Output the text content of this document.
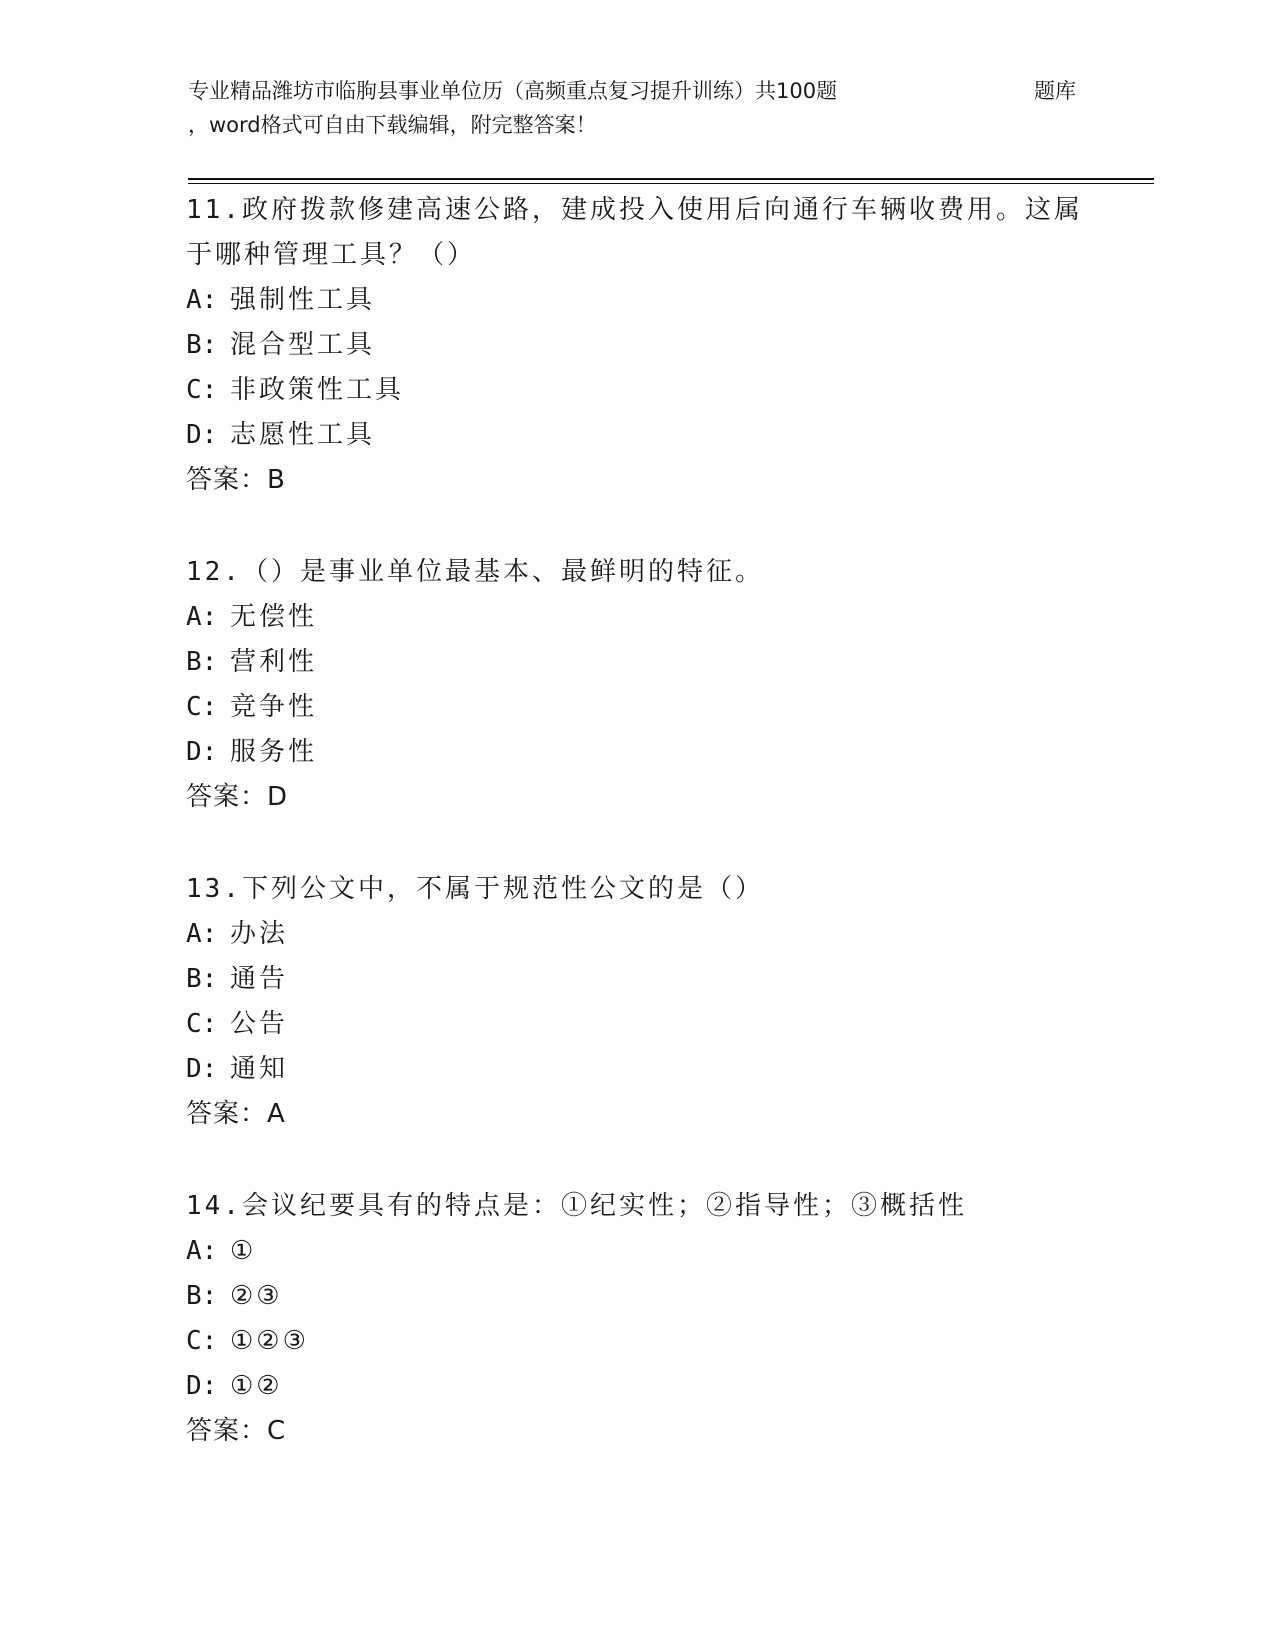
专业精品潍坊市临朐县事业单位历（高频重点复习提升训练）共100题	题库
，word格式可自由下载编辑，附完整答案！

11.政府拨款修建高速公路，建成投入使用后向通行车辆收费用。这属于哪种管理工具？（）

A: 强制性工具

B: 混合型工具

C: 非政策性工具

D: 志愿性工具

答案：B

12.（）是事业单位最基本、最鲜明的特征。

A: 无偿性

B: 营利性

C: 竞争性

D: 服务性

答案：D

13.下列公文中，不属于规范性公文的是（）

A: 办法

B: 通告

C: 公告

D: 通知

答案：A

14.会议纪要具有的特点是：①纪实性；②指导性；③概括性

A: ①

B: ②③

C: ①②③

D: ①②

答案：C
